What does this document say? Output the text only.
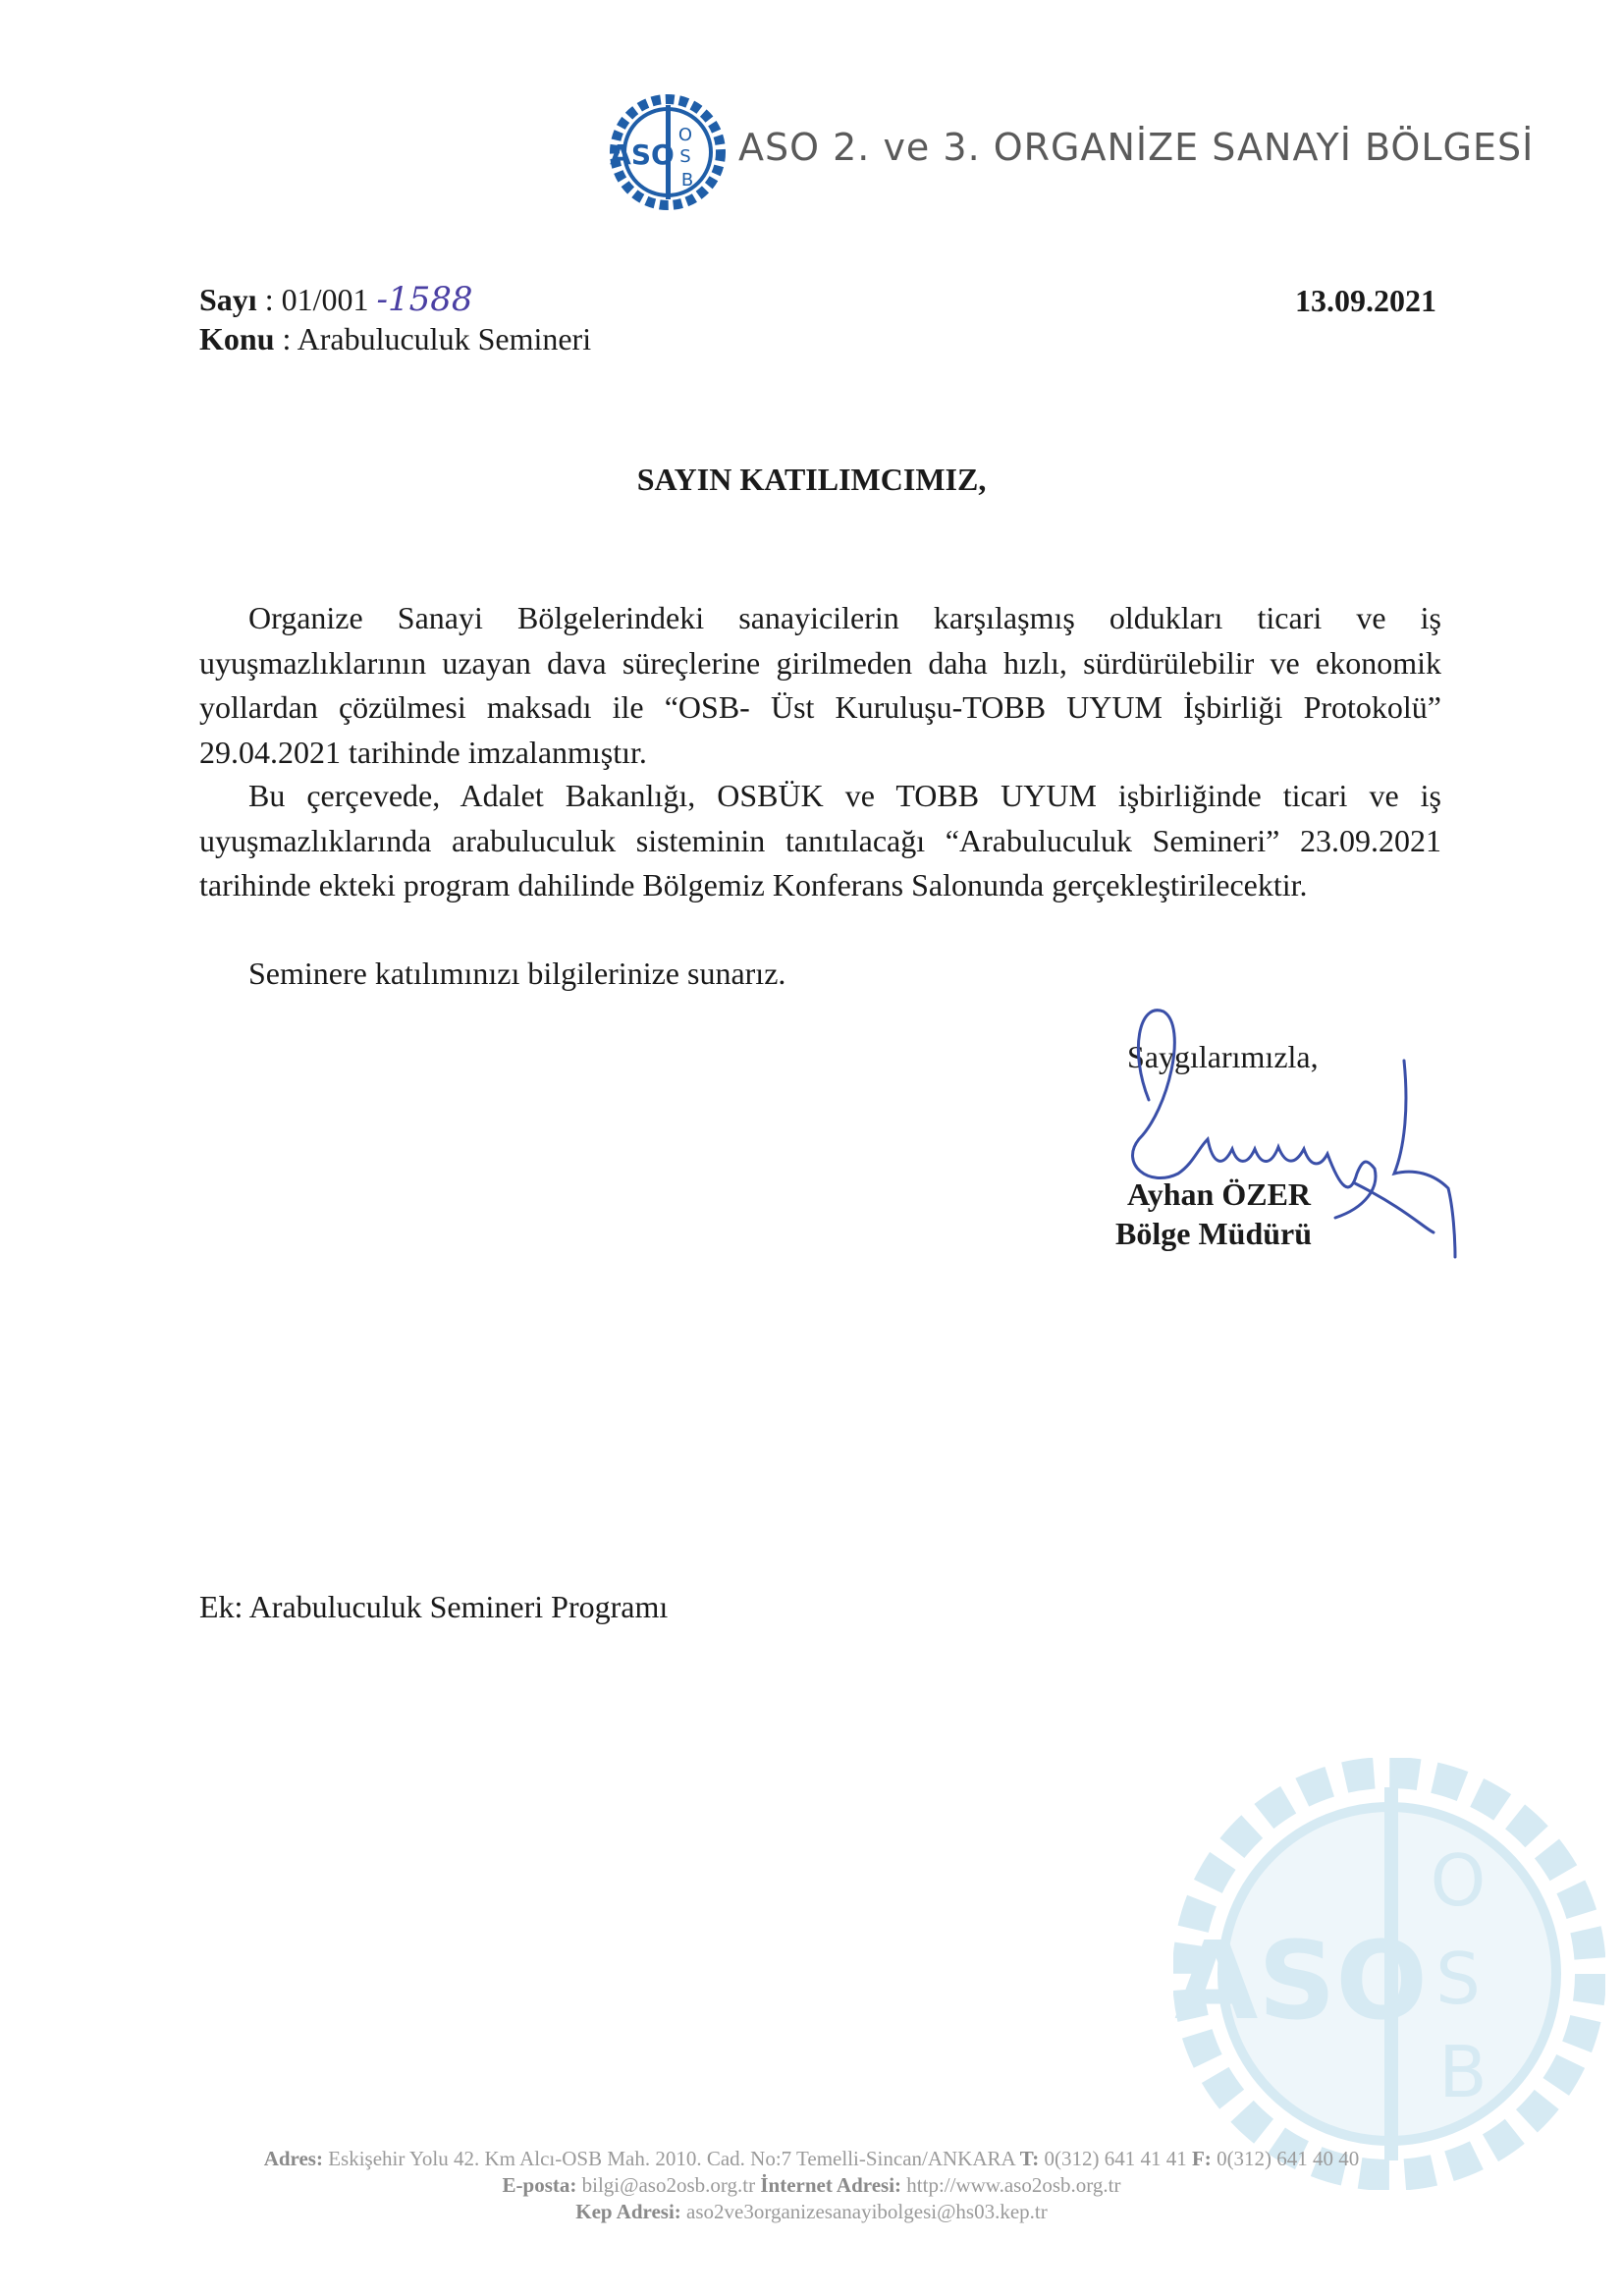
ASO
O
S
B
ASO 2. ve 3. ORGANİZE SANAYİ BÖLGESİ
Sayı : 01/001 -1588
Konu : Arabuluculuk Semineri
13.09.2021
SAYIN KATILIMCIMIZ,
Organize Sanayi Bölgelerindeki sanayicilerin karşılaşmış oldukları ticari ve iş uyuşmazlıklarının uzayan dava süreçlerine girilmeden daha hızlı, sürdürülebilir ve ekonomik yollardan çözülmesi maksadı ile “OSB- Üst Kuruluşu-TOBB UYUM İşbirliği Protokolü” 29.04.2021 tarihinde imzalanmıştır.
Bu çerçevede, Adalet Bakanlığı, OSBÜK ve TOBB UYUM işbirliğinde ticari ve iş uyuşmazlıklarında arabuluculuk sisteminin tanıtılacağı “Arabuluculuk Semineri” 23.09.2021 tarihinde ekteki program dahilinde Bölgemiz Konferans Salonunda gerçekleştirilecektir.
Seminere katılımınızı bilgilerinize sunarız.
Saygılarımızla,
Ayhan ÖZER
Bölge Müdürü
Ek: Arabuluculuk Semineri Programı
ASO
O
S
B
Adres: Eskişehir Yolu 42. Km Alcı-OSB Mah. 2010. Cad. No:7 Temelli-Sincan/ANKARA T: 0(312) 641 41 41 F: 0(312) 641 40 40
E-posta: bilgi@aso2osb.org.tr İnternet Adresi: http://www.aso2osb.org.tr
Kep Adresi: aso2ve3organizesanayibolgesi@hs03.kep.tr
